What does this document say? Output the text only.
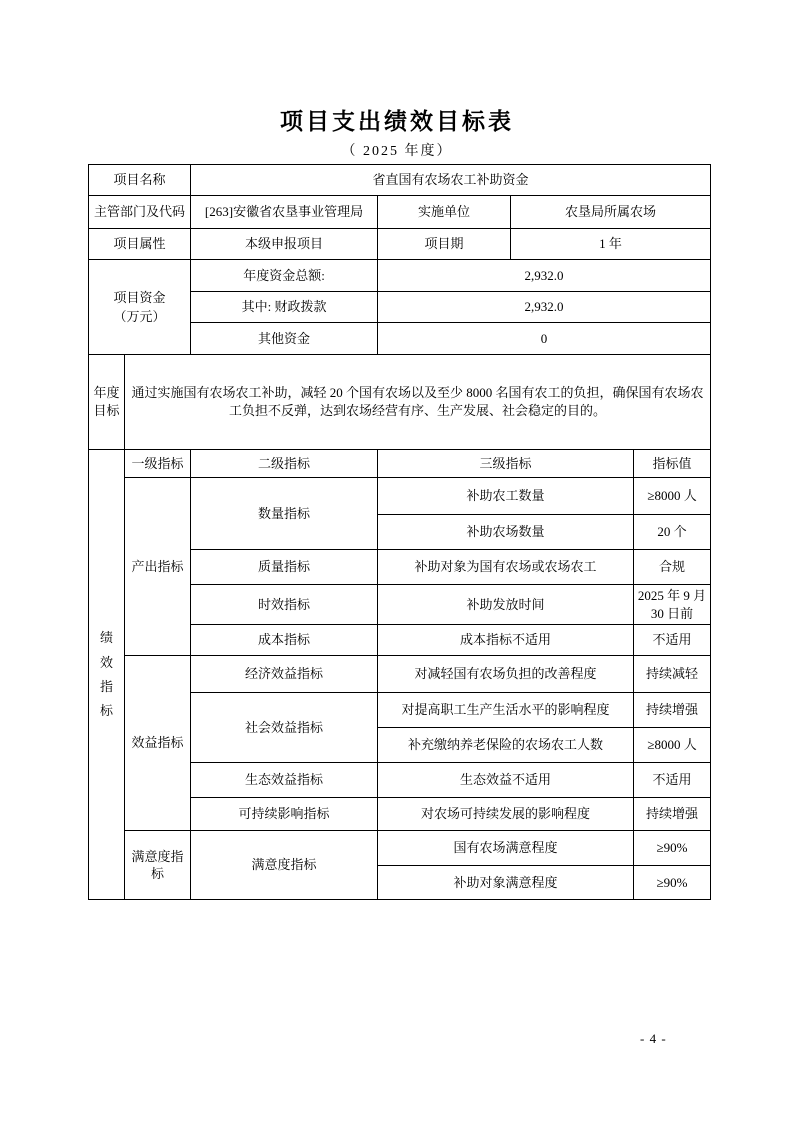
项目支出绩效目标表
（ 2025 年度）
项目名称		省直国有农场农工补助资金			
主管部门及代码		[263]安徽省农垦事业管理局	实施单位	农垦局所属农场	
项目属性		本级申报项目	项目期	1 年	
项目资金（万元）		年度资金总额:	2,932.0		
		其中: 财政拨款	2,932.0		
		其他资金	0		
年度目标	通过实施国有农场农工补助，减轻 20 个国有农场以及至少 8000 名国有农工的负担，确保国有农场农工负担不反弹，达到农场经营有序、生产发展、社会稳定的目的。				
绩效指标	一级指标	二级指标	三级指标		指标值
	产出指标	数量指标	补助农工数量		≥8000 人
			补助农场数量		20 个
		质量指标	补助对象为国有农场或农场农工		合规
		时效指标	补助发放时间		2025 年 9 月 30 日前
		成本指标	成本指标不适用		不适用
	效益指标	经济效益指标	对减轻国有农场负担的改善程度		持续减轻
		社会效益指标	对提高职工生产生活水平的影响程度		持续增强
			补充缴纳养老保险的农场农工人数		≥8000 人
		生态效益指标	生态效益不适用		不适用
		可持续影响指标	对农场可持续发展的影响程度		持续增强
	满意度指标	满意度指标	国有农场满意程度		≥90%
			补助对象满意程度		≥90%
- 4 -
